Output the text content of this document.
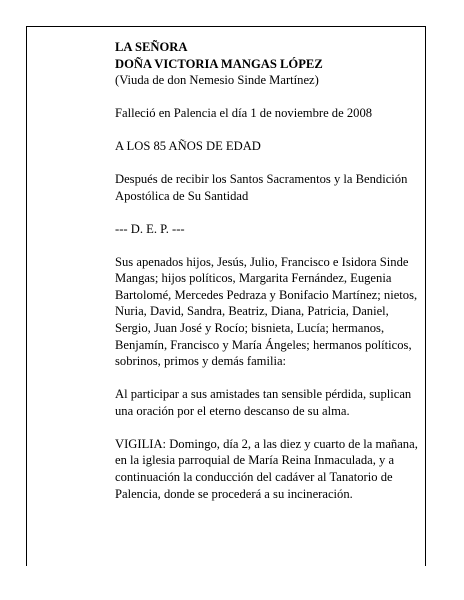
LA SEÑORA

DOÑA VICTORIA MANGAS LÓPEZ

(Viuda de don Nemesio Sinde Martínez)

Falleció en Palencia el día 1 de noviembre de 2008

A LOS 85 AÑOS DE EDAD

Después de recibir los Santos Sacramentos y la Bendición Apostólica de Su Santidad

--- D. E. P. ---

Sus apenados hijos, Jesús, Julio, Francisco e Isidora Sinde Mangas; hijos políticos, Margarita Fernández, Eugenia Bartolomé, Mercedes Pedraza y Bonifacio Martínez; nietos, Nuria, David, Sandra, Beatriz, Diana, Patricia, Daniel, Sergio, Juan José y Rocío; bisnieta, Lucía; hermanos, Benjamín, Francisco y María Ángeles; hermanos políticos, sobrinos, primos y demás familia:

Al participar a sus amistades tan sensible pérdida, suplican una oración por el eterno descanso de su alma.

VIGILIA: Domingo, día 2, a las diez y cuarto de la mañana, en la iglesia parroquial de María Reina Inmaculada, y a continuación la conducción del cadáver al Tanatorio de Palencia, donde se procederá a su incineración.
